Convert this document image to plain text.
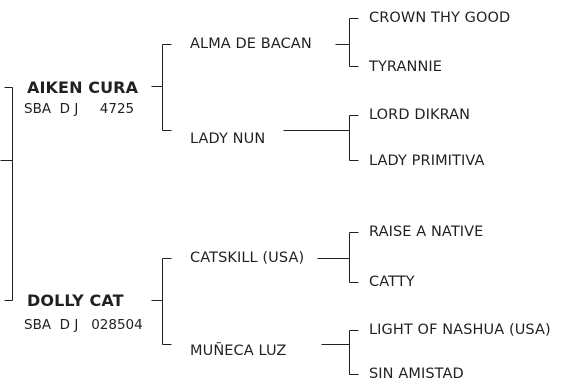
AIKEN CURA
SBA  D J     4725
DOLLY CAT
SBA  D J   028504
ALMA DE BACAN
LADY NUN
CATSKILL (USA)
MUÑECA LUZ
CROWN THY GOOD
TYRANNIE
LORD DIKRAN
LADY PRIMITIVA
RAISE A NATIVE
CATTY
LIGHT OF NASHUA (USA)
SIN AMISTAD
